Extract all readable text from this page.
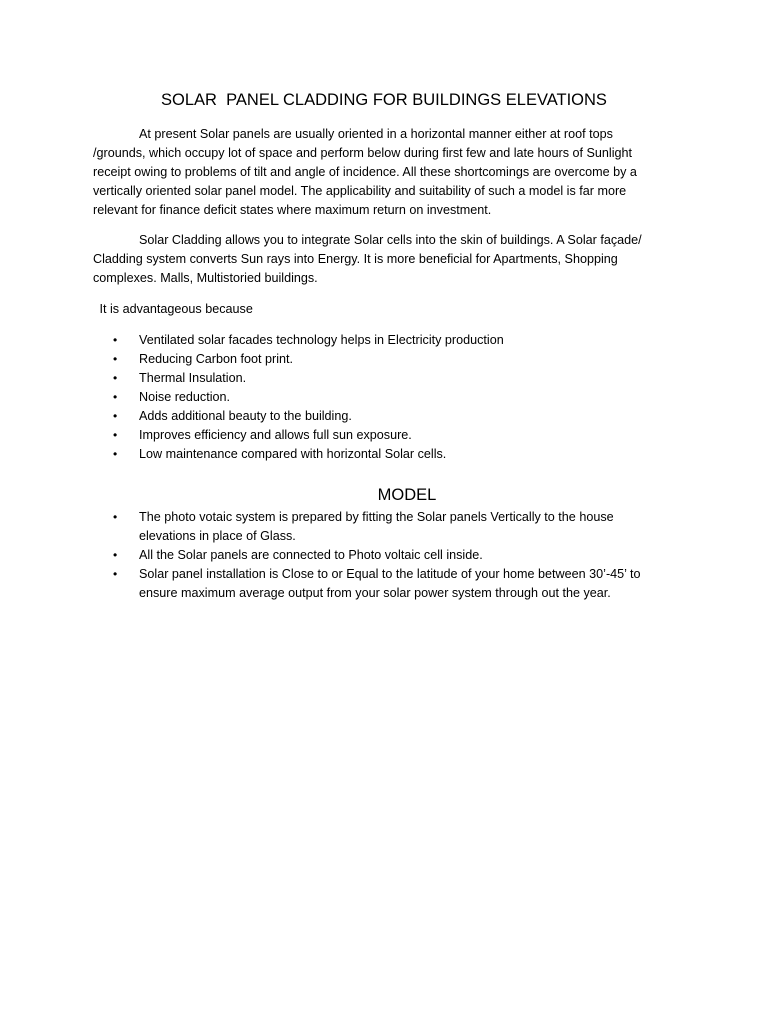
SOLAR  PANEL CLADDING FOR BUILDINGS ELEVATIONS

At present Solar panels are usually oriented in a horizontal manner either at roof tops /grounds, which occupy lot of space and perform below during first few and late hours of Sunlight receipt owing to problems of tilt and angle of incidence. All these shortcomings are overcome by a vertically oriented solar panel model. The applicability and suitability of such a model is far more relevant for finance deficit states where maximum return on investment.

Solar Cladding allows you to integrate Solar cells into the skin of buildings. A Solar façade/ Cladding system converts Sun rays into Energy. It is more beneficial for Apartments, Shopping complexes. Malls, Multistoried buildings.

It is advantageous because

• Ventilated solar facades technology helps in Electricity production
• Reducing Carbon foot print.
• Thermal Insulation.
• Noise reduction.
• Adds additional beauty to the building.
• Improves efficiency and allows full sun exposure.
• Low maintenance compared with horizontal Solar cells.
MODEL
• The photo votaic system is prepared by fitting the Solar panels Vertically to the house elevations in place of Glass.
• All the Solar panels are connected to Photo voltaic cell inside.
• Solar panel installation is Close to or Equal to the latitude of your home between 30’-45’ to ensure maximum average output from your solar power system through out the year.
